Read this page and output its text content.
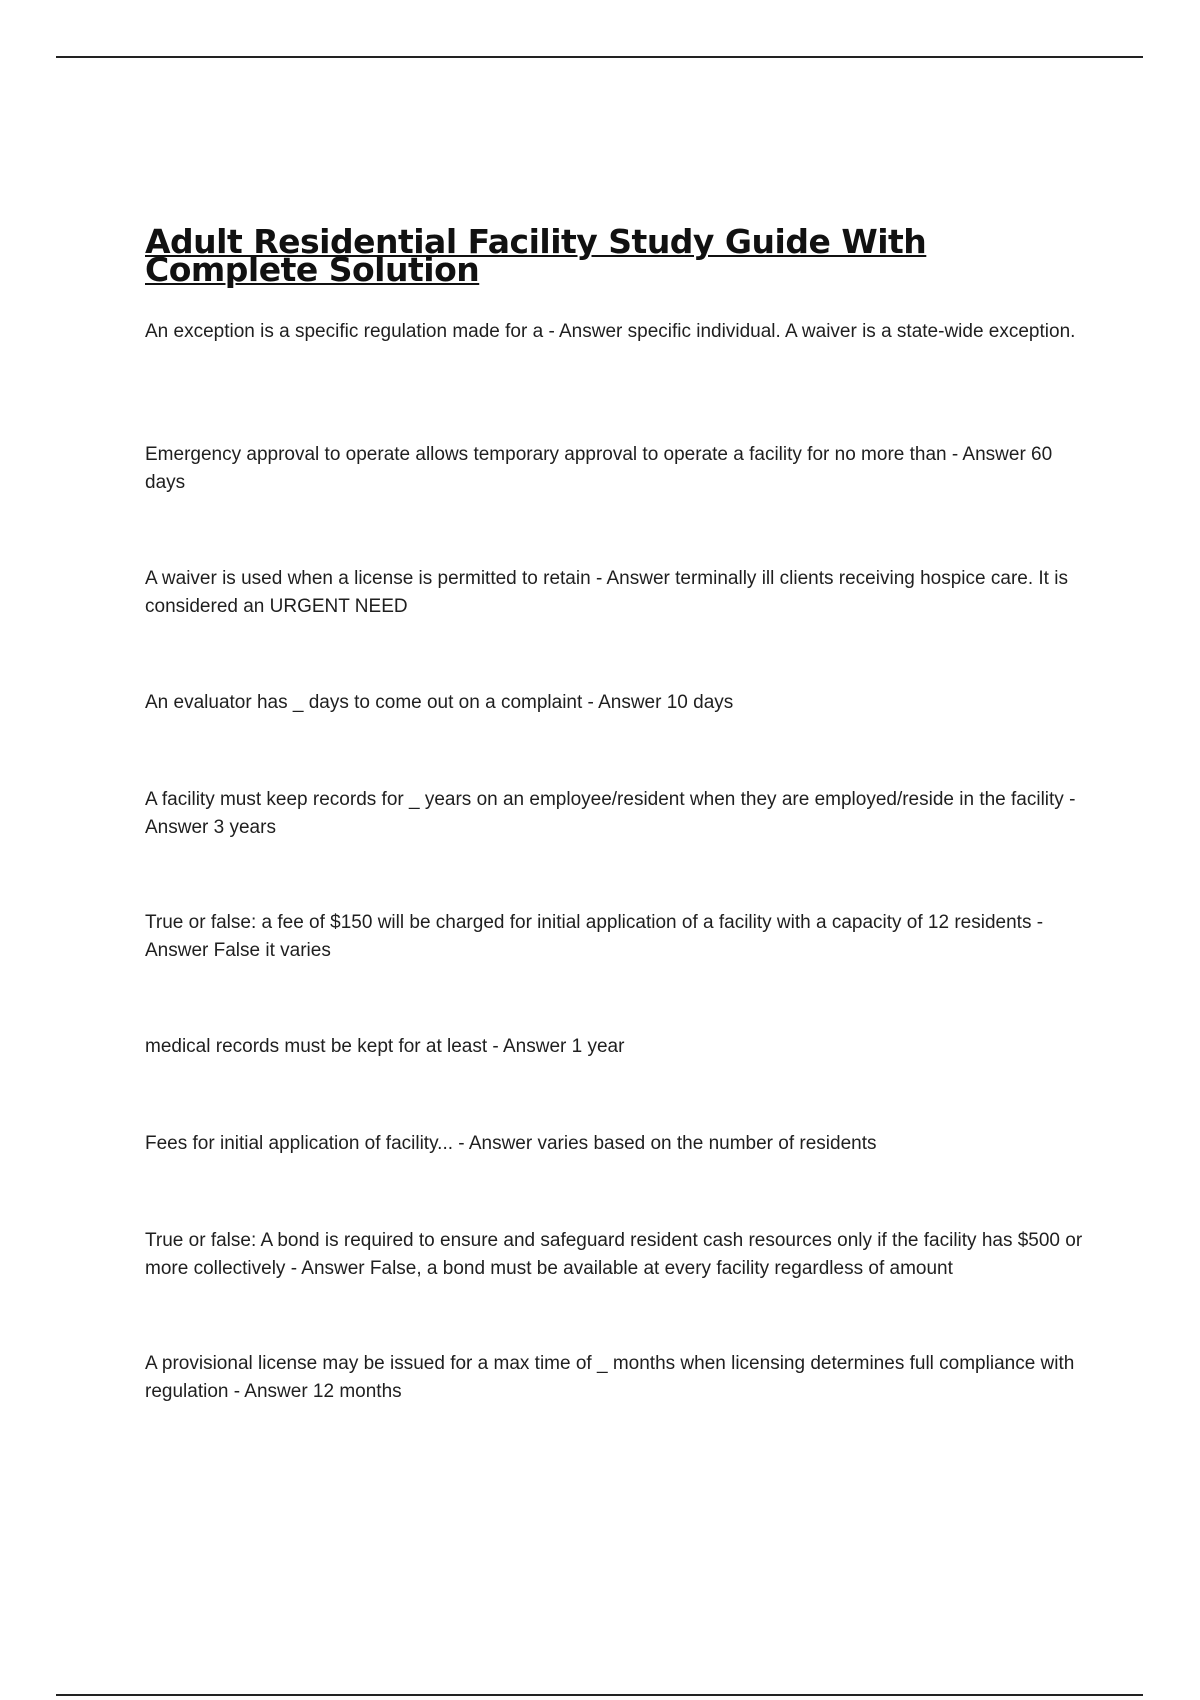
Adult Residential Facility Study Guide With Complete Solution

An exception is a specific regulation made for a - Answer specific individual. A waiver is a state-wide exception.

Emergency approval to operate allows temporary approval to operate a facility for no more than - Answer 60 days

A waiver is used when a license is permitted to retain - Answer terminally ill clients receiving hospice care. It is considered an URGENT NEED

An evaluator has _ days to come out on a complaint - Answer 10 days

A facility must keep records for _ years on an employee/resident when they are employed/reside in the facility - Answer 3 years

True or false: a fee of $150 will be charged for initial application of a facility with a capacity of 12 residents - Answer False it varies

medical records must be kept for at least - Answer 1 year

Fees for initial application of facility... - Answer varies based on the number of residents

True or false: A bond is required to ensure and safeguard resident cash resources only if the facility has $500 or more collectively - Answer False, a bond must be available at every facility regardless of amount

A provisional license may be issued for a max time of _ months when licensing determines full compliance with regulation - Answer 12 months
